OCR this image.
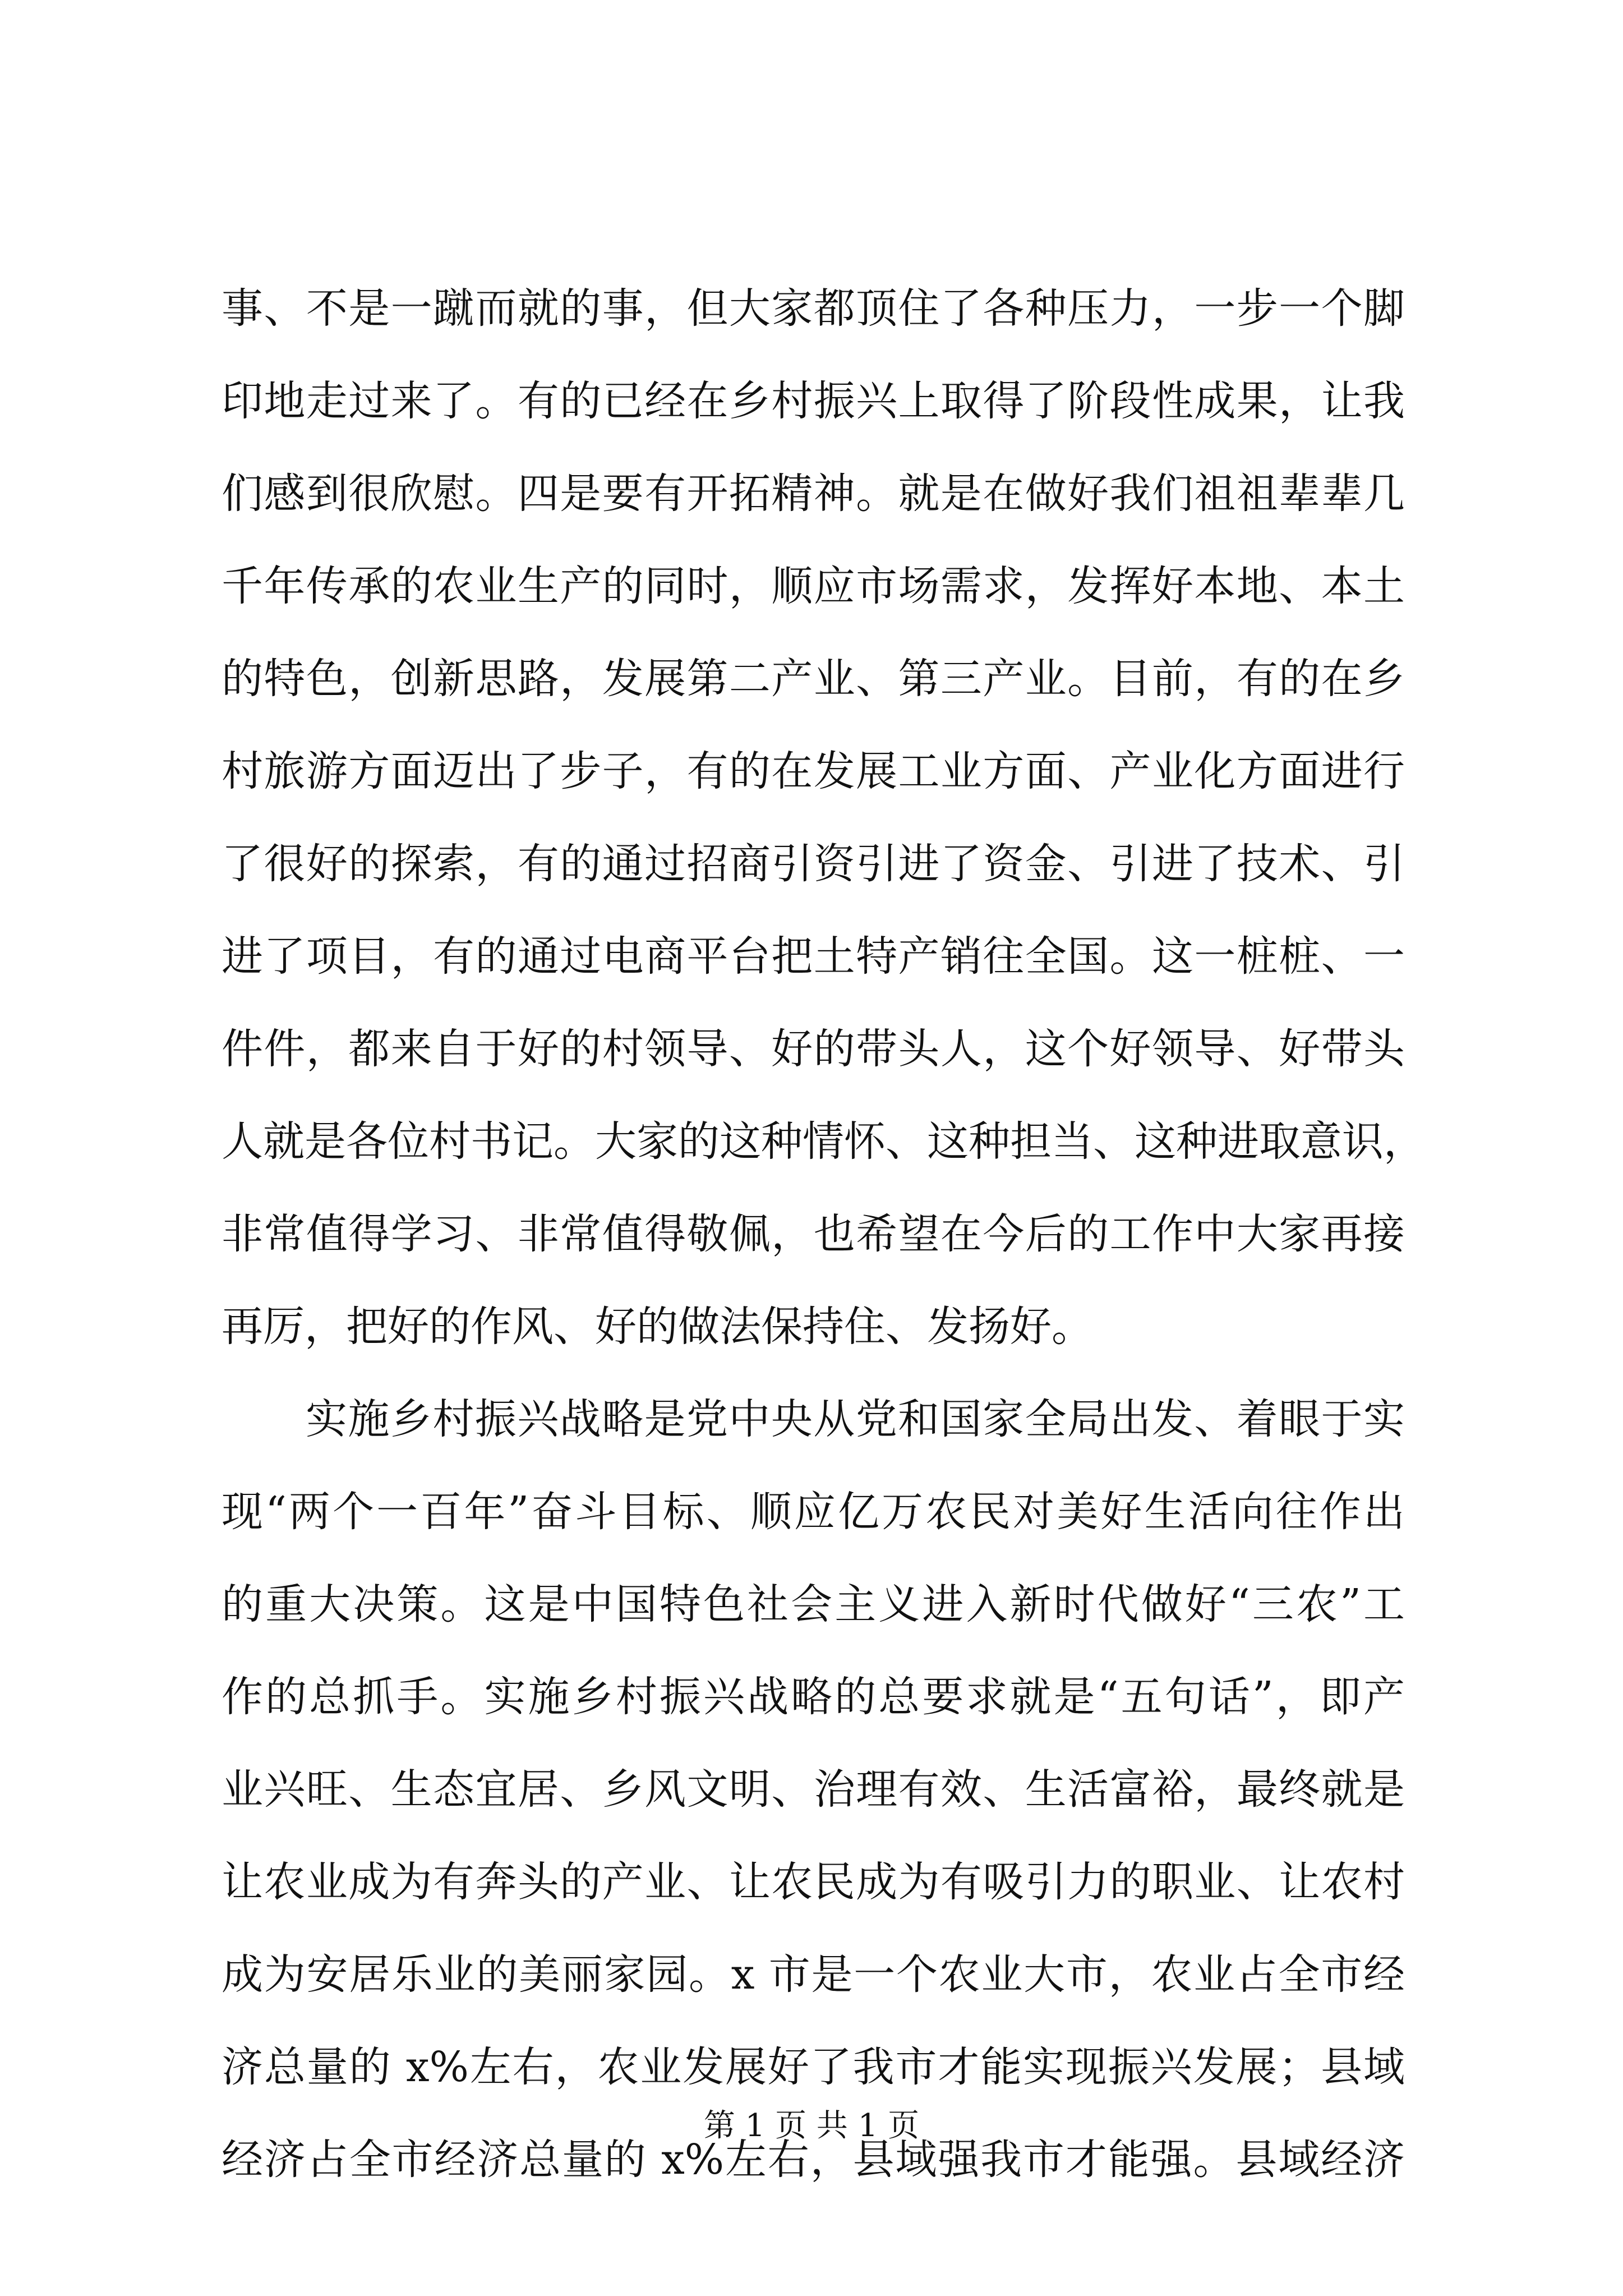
事、不是一蹴而就的事，但大家都顶住了各种压力，一步一个脚
印地走过来了。有的已经在乡村振兴上取得了阶段性成果，让我
们感到很欣慰。四是要有开拓精神。就是在做好我们祖祖辈辈几
千年传承的农业生产的同时，顺应市场需求，发挥好本地、本土
的特色，创新思路，发展第二产业、第三产业。目前，有的在乡
村旅游方面迈出了步子，有的在发展工业方面、产业化方面进行
了很好的探索，有的通过招商引资引进了资金、引进了技术、引
进了项目，有的通过电商平台把土特产销往全国。这一桩桩、一
件件，都来自于好的村领导、好的带头人，这个好领导、好带头
人就是各位村书记。大家的这种情怀、这种担当、这种进取意识，
非常值得学习、非常值得敬佩，也希望在今后的工作中大家再接
再厉，把好的作风、好的做法保持住、发扬好。
实施乡村振兴战略是党中央从党和国家全局出发、着眼于实
现“两个一百年”奋斗目标、顺应亿万农民对美好生活向往作出
的重大决策。这是中国特色社会主义进入新时代做好“三农”工
作的总抓手。实施乡村振兴战略的总要求就是“五句话”，即产
业兴旺、生态宜居、乡风文明、治理有效、生活富裕，最终就是
让农业成为有奔头的产业、让农民成为有吸引力的职业、让农村
成为安居乐业的美丽家园。x 市是一个农业大市，农业占全市经
济总量的 x%左右，农业发展好了我市才能实现振兴发展；县域
经济占全市经济总量的 x%左右，县域强我市才能强。县域经济
第 1 页 共 1 页
